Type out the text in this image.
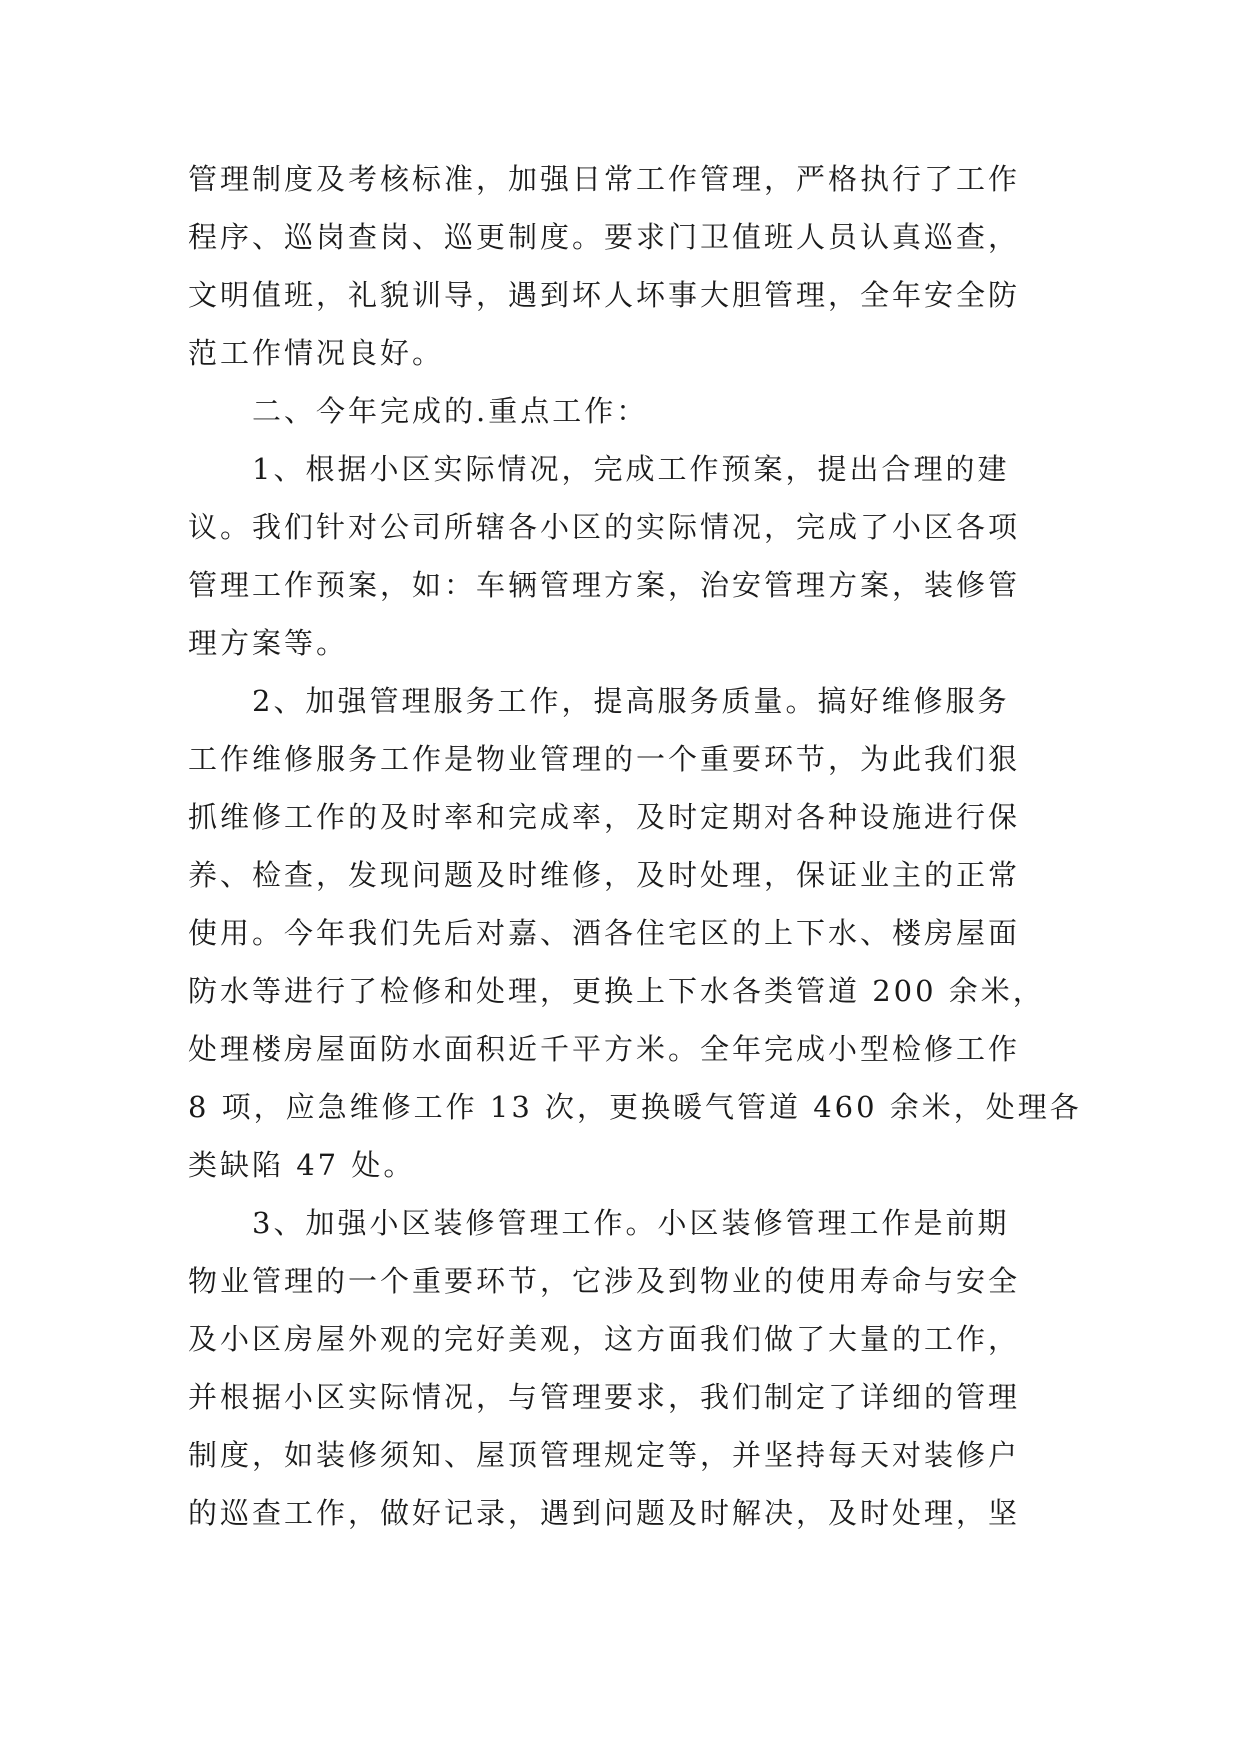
管理制度及考核标准，加强日常工作管理，严格执行了工作
程序、巡岗查岗、巡更制度。要求门卫值班人员认真巡查，
文明值班，礼貌训导，遇到坏人坏事大胆管理，全年安全防
范工作情况良好。
二、今年完成的.重点工作：
1、根据小区实际情况，完成工作预案，提出合理的建
议。我们针对公司所辖各小区的实际情况，完成了小区各项
管理工作预案，如：车辆管理方案，治安管理方案，装修管
理方案等。
2、加强管理服务工作，提高服务质量。搞好维修服务
工作维修服务工作是物业管理的一个重要环节，为此我们狠
抓维修工作的及时率和完成率，及时定期对各种设施进行保
养、检查，发现问题及时维修，及时处理，保证业主的正常
使用。今年我们先后对嘉、酒各住宅区的上下水、楼房屋面
防水等进行了检修和处理，更换上下水各类管道 200 余米，
处理楼房屋面防水面积近千平方米。全年完成小型检修工作
8 项，应急维修工作 13 次，更换暖气管道 460 余米，处理各
类缺陷 47 处。
3、加强小区装修管理工作。小区装修管理工作是前期
物业管理的一个重要环节，它涉及到物业的使用寿命与安全
及小区房屋外观的完好美观，这方面我们做了大量的工作，
并根据小区实际情况，与管理要求，我们制定了详细的管理
制度，如装修须知、屋顶管理规定等，并坚持每天对装修户
的巡查工作，做好记录，遇到问题及时解决，及时处理，坚
